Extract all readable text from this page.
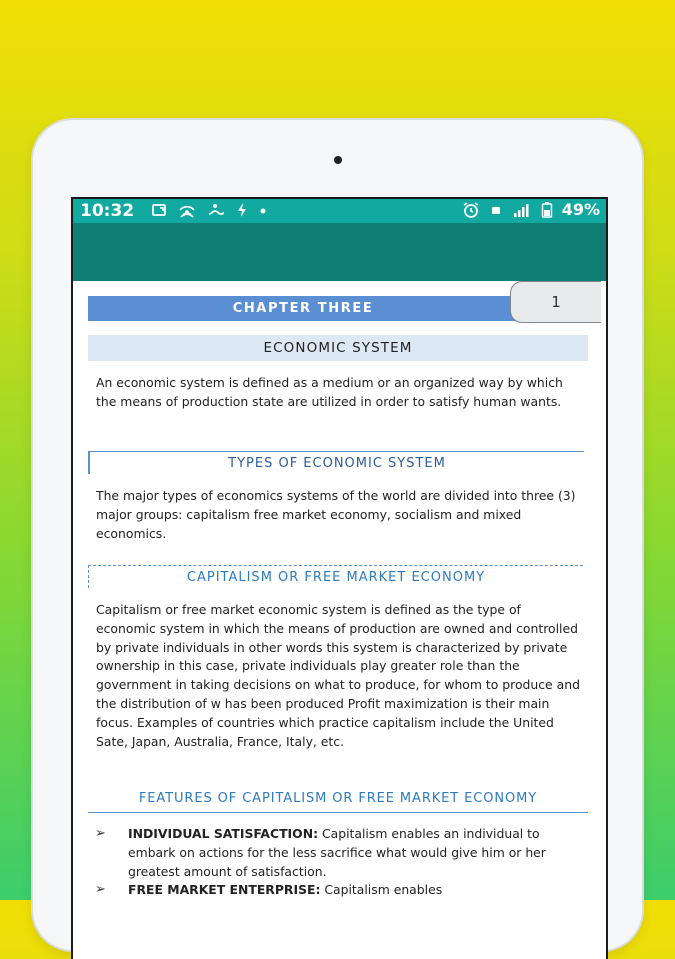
10:32	49%
CHAPTER THREE	1
ECONOMIC SYSTEM

An economic system is defined as a medium or an organized way by which the means of production state are utilized in order to satisfy human wants.

TYPES OF ECONOMIC SYSTEM

The major types of economics systems of the world are divided into three (3) major groups: capitalism free market economy, socialism and mixed economics.

CAPITALISM OR FREE MARKET ECONOMY

Capitalism or free market economic system is defined as the type of economic system in which the means of production are owned and controlled by private individuals in other words this system is characterized by private ownership in this case, private individuals play greater role than the government in taking decisions on what to produce, for whom to produce and the distribution of w has been produced Profit maximization is their main focus. Examples of countries which practice capitalism include the United Sate, Japan, Australia, France, Italy, etc.

FEATURES OF CAPITALISM OR FREE MARKET ECONOMY
➢ INDIVIDUAL SATISFACTION: Capitalism enables an individual to embark on actions for the less sacrifice what would give him or her greatest amount of satisfaction.
➢ FREE MARKET ENTERPRISE: Capitalism enables
